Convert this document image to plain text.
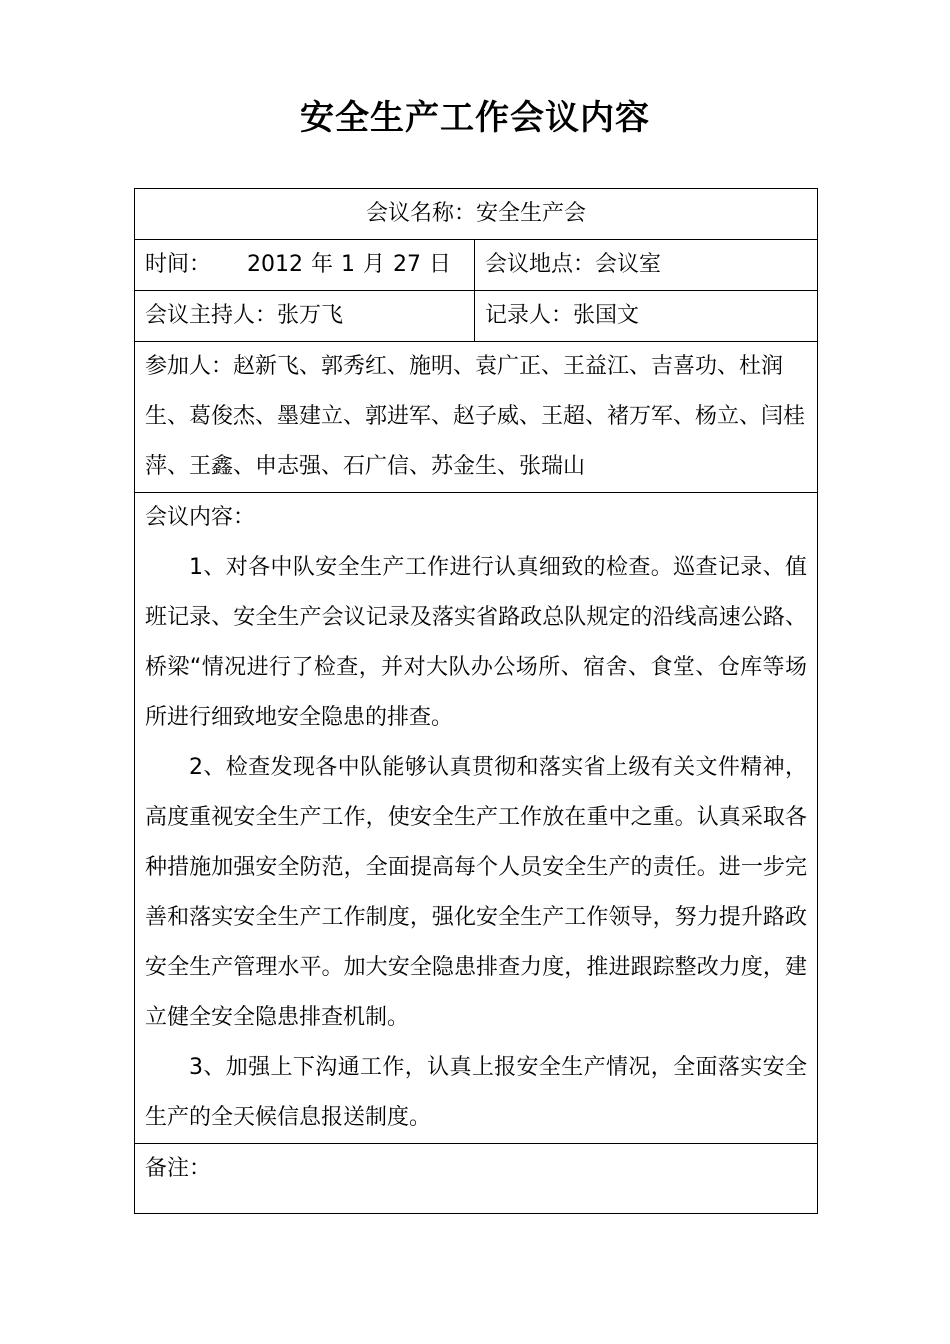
安全生产工作会议内容
会议名称：安全生产会	
时间： 2012 年 1 月 27 日	会议地点：会议室
会议主持人：张万飞	记录人：张国文
参加人：赵新飞、郭秀红、施明、袁广正、王益江、吉喜功、杜润生、葛俊杰、墨建立、郭进军、赵子威、王超、褚万军、杨立、闫桂萍、王鑫、申志强、石广信、苏金生、张瑞山	

会议内容：

1、对各中队安全生产工作进行认真细致的检查。巡查记录、值班记录、安全生产会议记录及落实省路政总队规定的沿线高速公路、桥梁“情况进行了检查，并对大队办公场所、宿舍、食堂、仓库等场所进行细致地安全隐患的排查。

2、检查发现各中队能够认真贯彻和落实省上级有关文件精神，高度重视安全生产工作，使安全生产工作放在重中之重。认真采取各种措施加强安全防范，全面提高每个人员安全生产的责任。进一步完善和落实安全生产工作制度，强化安全生产工作领导，努力提升路政安全生产管理水平。加大安全隐患排查力度，推进跟踪整改力度，建立健全安全隐患排查机制。

3、加强上下沟通工作，认真上报安全生产情况，全面落实安全生产的全天候信息报送制度。	

备注：	
